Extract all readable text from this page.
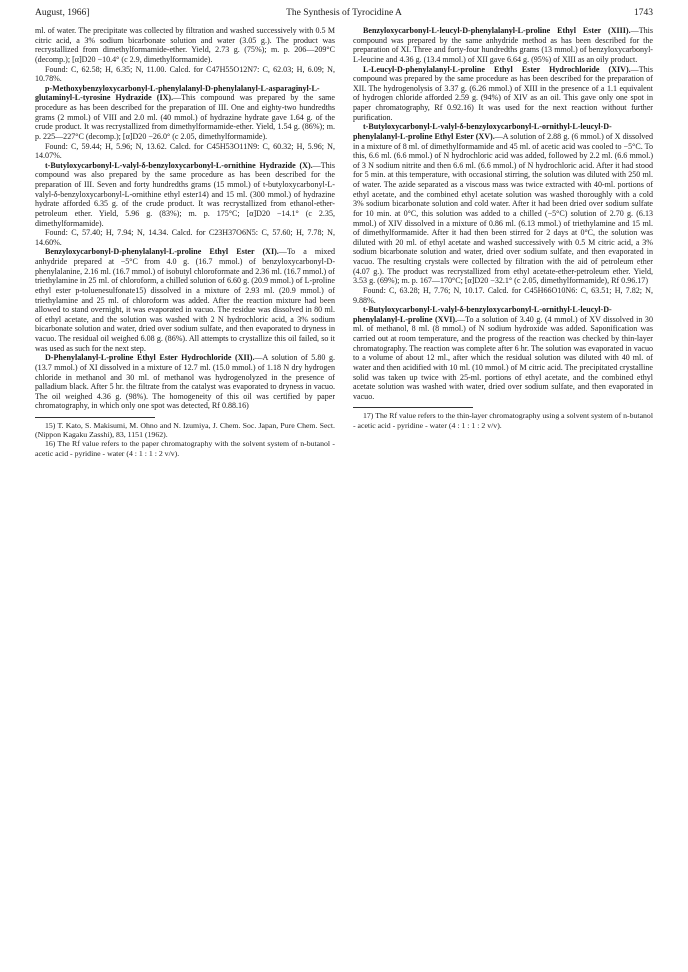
August, 1966]	The Synthesis of Tyrocidine A	1743

ml. of water. The precipitate was collected by filtration and washed successively with 0.5 M citric acid, a 3% sodium bicarbonate solution and water (3.05 g.). The product was recrystallized from dimethylformamide-ether. Yield, 2.73 g. (75%); m. p. 206—209°C (decomp.); [α]D20 −10.4° (c 2.9, dimethylformamide).

Found: C, 62.58; H, 6.35; N, 11.00. Calcd. for C47H55O12N7: C, 62.03; H, 6.09; N, 10.78%.

p-Methoxybenzyloxycarbonyl-L-phenylalanyl-D-phenylalanyl-L-asparaginyl-L-glutaminyl-L-tyrosine Hydrazide (IX).—This compound was prepared by the same procedure as has been described for the preparation of III. One and eighty-two hundredths grams (2 mmol.) of VIII and 2.0 ml. (40 mmol.) of hydrazine hydrate gave 1.64 g. of the crude product. It was recrystallized from dimethylformamide-ether. Yield, 1.54 g. (86%); m. p. 225—227°C (decomp.); [α]D20 −26.0° (c 2.05, dimethylformamide).

Found: C, 59.44; H, 5.96; N, 13.62. Calcd. for C45H53O11N9: C, 60.32; H, 5.96; N, 14.07%.

t-Butyloxycarbonyl-L-valyl-δ-benzyloxycarbonyl-L-ornithine Hydrazide (X).—This compound was also prepared by the same procedure as has been described for the preparation of III. Seven and forty hundredths grams (15 mmol.) of t-butyloxycarbonyl-L-valyl-δ-benzyloxycarbonyl-L-ornithine ethyl ester14) and 15 ml. (300 mmol.) of hydrazine hydrate afforded 6.35 g. of the crude product. It was recrystallized from ethanol-ether-petroleum ether. Yield, 5.96 g. (83%); m. p. 175°C; [α]D20 −14.1° (c 2.35, dimethylformamide).

Found: C, 57.40; H, 7.94; N, 14.34. Calcd. for C23H37O6N5: C, 57.60; H, 7.78; N, 14.60%.

Benzyloxycarbonyl-D-phenylalanyl-L-proline Ethyl Ester (XI).—To a mixed anhydride prepared at −5°C from 4.0 g. (16.7 mmol.) of benzyloxycarbonyl-D-phenylalanine, 2.16 ml. (16.7 mmol.) of isobutyl chloroformate and 2.36 ml. (16.7 mmol.) of triethylamine in 25 ml. of chloroform, a chilled solution of 6.60 g. (20.9 mmol.) of L-proline ethyl ester p-toluenesulfonate15) dissolved in a mixture of 2.93 ml. (20.9 mmol.) of triethylamine and 25 ml. of chloroform was added. After the reaction mixture had been allowed to stand overnight, it was evaporated in vacuo. The residue was dissolved in 80 ml. of ethyl acetate, and the solution was washed with 2 N hydrochloric acid, a 3% sodium bicarbonate solution and water, dried over sodium sulfate, and then evaporated to dryness in vacuo. The residual oil weighed 6.08 g. (86%). All attempts to crystallize this oil failed, so it was used as such for the next step.

D-Phenylalanyl-L-proline Ethyl Ester Hydrochloride (XII).—A solution of 5.80 g. (13.7 mmol.) of XI dissolved in a mixture of 12.7 ml. (15.0 mmol.) of 1.18 N dry hydrogen chloride in methanol and 30 ml. of methanol was hydrogenolyzed in the presence of palladium black. After 5 hr. the filtrate from the catalyst was evaporated to dryness in vacuo. The oil weighed 4.36 g. (98%). The homogeneity of this oil was certified by paper chromatography, in which only one spot was detected, Rf 0.88.16)

15) T. Kato, S. Makisumi, M. Ohno and N. Izumiya, J. Chem. Soc. Japan, Pure Chem. Sect. (Nippon Kagaku Zasshi), 83, 1151 (1962).

16) The Rf value refers to the paper chromatography with the solvent system of n-butanol - acetic acid - pyridine - water (4 : 1 : 1 : 2 v/v).

Benzyloxycarbonyl-L-leucyl-D-phenylalanyl-L-proline Ethyl Ester (XIII).—This compound was prepared by the same anhydride method as has been described for the preparation of XI. Three and forty-four hundredths grams (13 mmol.) of benzyloxycarbonyl-L-leucine and 4.36 g. (13.4 mmol.) of XII gave 6.64 g. (95%) of XIII as an oily product.

L-Leucyl-D-phenylalanyl-L-proline Ethyl Ester Hydrochloride (XIV).—This compound was prepared by the same procedure as has been described for the preparation of XII. The hydrogenolysis of 3.37 g. (6.26 mmol.) of XIII in the presence of a 1.1 equivalent of hydrogen chloride afforded 2.59 g. (94%) of XIV as an oil. This gave only one spot in paper chromatography, Rf 0.92.16) It was used for the next reaction without further purification.

t-Butyloxycarbonyl-L-valyl-δ-benzyloxycarbonyl-L-ornithyl-L-leucyl-D-phenylalanyl-L-proline Ethyl Ester (XV).—A solution of 2.88 g. (6 mmol.) of X dissolved in a mixture of 8 ml. of dimethylformamide and 45 ml. of acetic acid was cooled to −5°C. To this, 6.6 ml. (6.6 mmol.) of N hydrochloric acid was added, followed by 2.2 ml. (6.6 mmol.) of 3 N sodium nitrite and then 6.6 ml. (6.6 mmol.) of N hydrochloric acid. After it had stood for 5 min. at this temperature, with occasional stirring, the solution was diluted with 250 ml. of water. The azide separated as a viscous mass was twice extracted with 40-ml. portions of ethyl acetate, and the combined ethyl acetate solution was washed thoroughly with a cold 3% sodium bicarbonate solution and cold water. After it had been dried over sodium sulfate for 10 min. at 0°C, this solution was added to a chilled (−5°C) solution of 2.70 g. (6.13 mmol.) of XIV dissolved in a mixture of 0.86 ml. (6.13 mmol.) of triethylamine and 15 ml. of dimethylformamide. After it had then been stirred for 2 days at 0°C, the solution was diluted with 20 ml. of ethyl acetate and washed successively with 0.5 M citric acid, a 3% sodium bicarbonate solution and water, dried over sodium sulfate, and then evaporated in vacuo. The resulting crystals were collected by filtration with the aid of petroleum ether (4.07 g.). The product was recrystallized from ethyl acetate-ether-petroleum ether. Yield, 3.53 g. (69%); m. p. 167—170°C; [α]D20 −32.1° (c 2.05, dimethylformamide), Rf 0.96.17)

Found: C, 63.28; H, 7.76; N, 10.17. Calcd. for C45H66O10N6: C, 63.51; H, 7.82; N, 9.88%.

t-Butyloxycarbonyl-L-valyl-δ-benzyloxycarbonyl-L-ornithyl-L-leucyl-D-phenylalanyl-L-proline (XVI).—To a solution of 3.40 g. (4 mmol.) of XV dissolved in 30 ml. of methanol, 8 ml. (8 mmol.) of N sodium hydroxide was added. Saponification was carried out at room temperature, and the progress of the reaction was checked by thin-layer chromatography. The reaction was complete after 6 hr. The solution was evaporated in vacuo to a volume of about 12 ml., after which the residual solution was diluted with 40 ml. of water and then acidified with 10 ml. (10 mmol.) of M citric acid. The precipitated crystalline solid was taken up twice with 25-ml. portions of ethyl acetate, and the combined ethyl acetate solution was washed with water, dried over sodium sulfate, and then evaporated in vacuo.

17) The Rf value refers to the thin-layer chromatography using a solvent system of n-butanol - acetic acid - pyridine - water (4 : 1 : 1 : 2 v/v).
